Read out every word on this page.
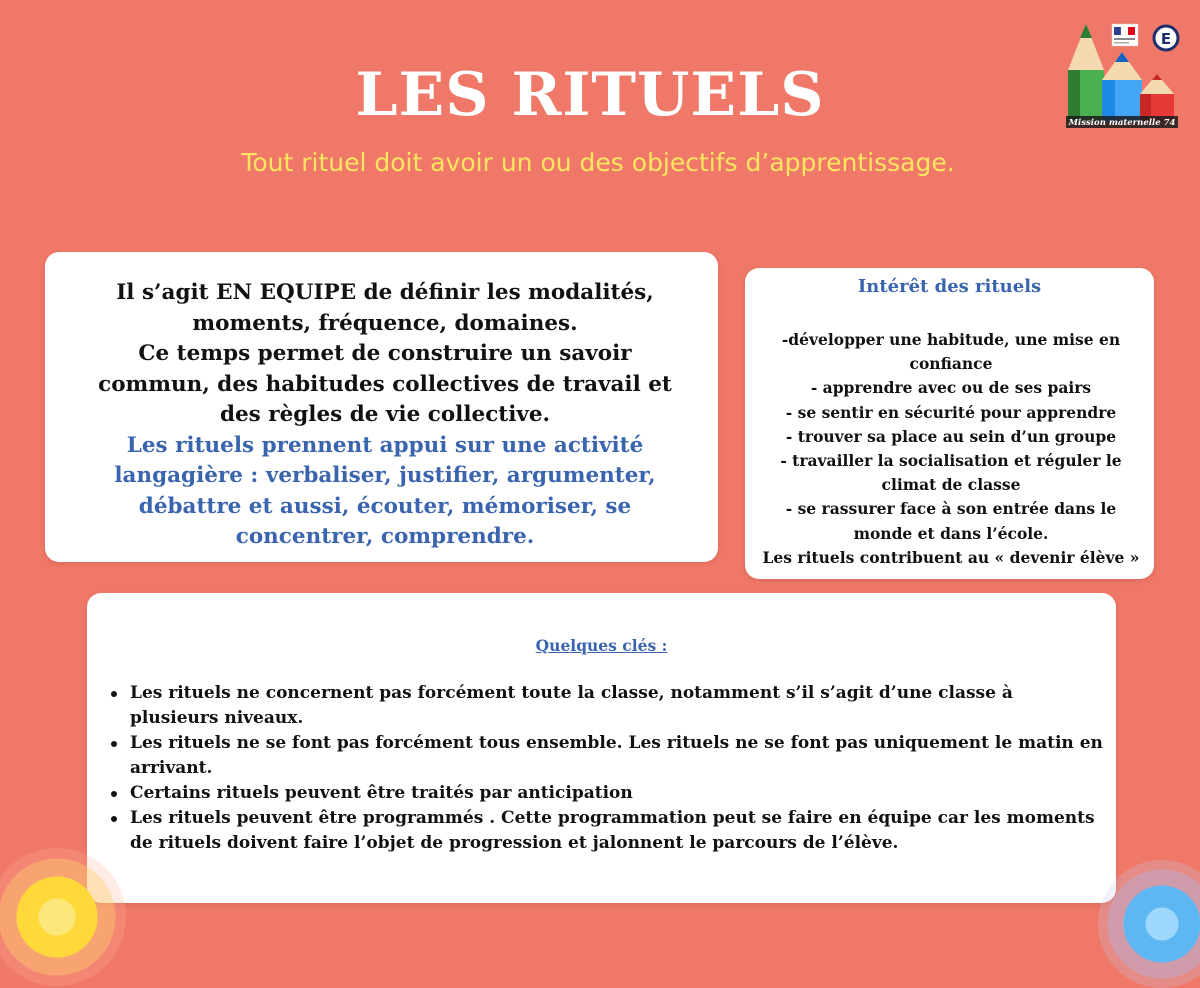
LES RITUELS
Tout rituel doit avoir un ou des objectifs d’apprentissage.
E
Mission maternelle 74
Il s’agit EN EQUIPE de définir les modalités,
moments, fréquence, domaines.
Ce temps permet de construire un savoir
commun, des habitudes collectives de travail et
des règles de vie collective.
Les rituels prennent appui sur une activité
langagière : verbaliser, justifier, argumenter,
débattre et aussi, écouter, mémoriser, se
concentrer, comprendre.
Intérêt des rituels
-développer une habitude, une mise en
confiance
- apprendre avec ou de ses pairs
- se sentir en sécurité pour apprendre
- trouver sa place au sein d’un groupe
- travailler la socialisation et réguler le
climat de classe
- se rassurer face à son entrée dans le
monde et dans l’école.
Les rituels contribuent au « devenir élève »
Quelques clés :
Les rituels ne concernent pas forcément toute la classe, notamment s’il s’agit d’une classe à plusieurs niveaux.
Les rituels ne se font pas forcément tous ensemble. Les rituels ne se font pas uniquement le matin en arrivant.
Certains rituels peuvent être traités par anticipation
Les rituels peuvent être programmés . Cette programmation peut se faire en équipe car les moments de rituels doivent faire l’objet de progression et jalonnent le parcours de l’élève.
